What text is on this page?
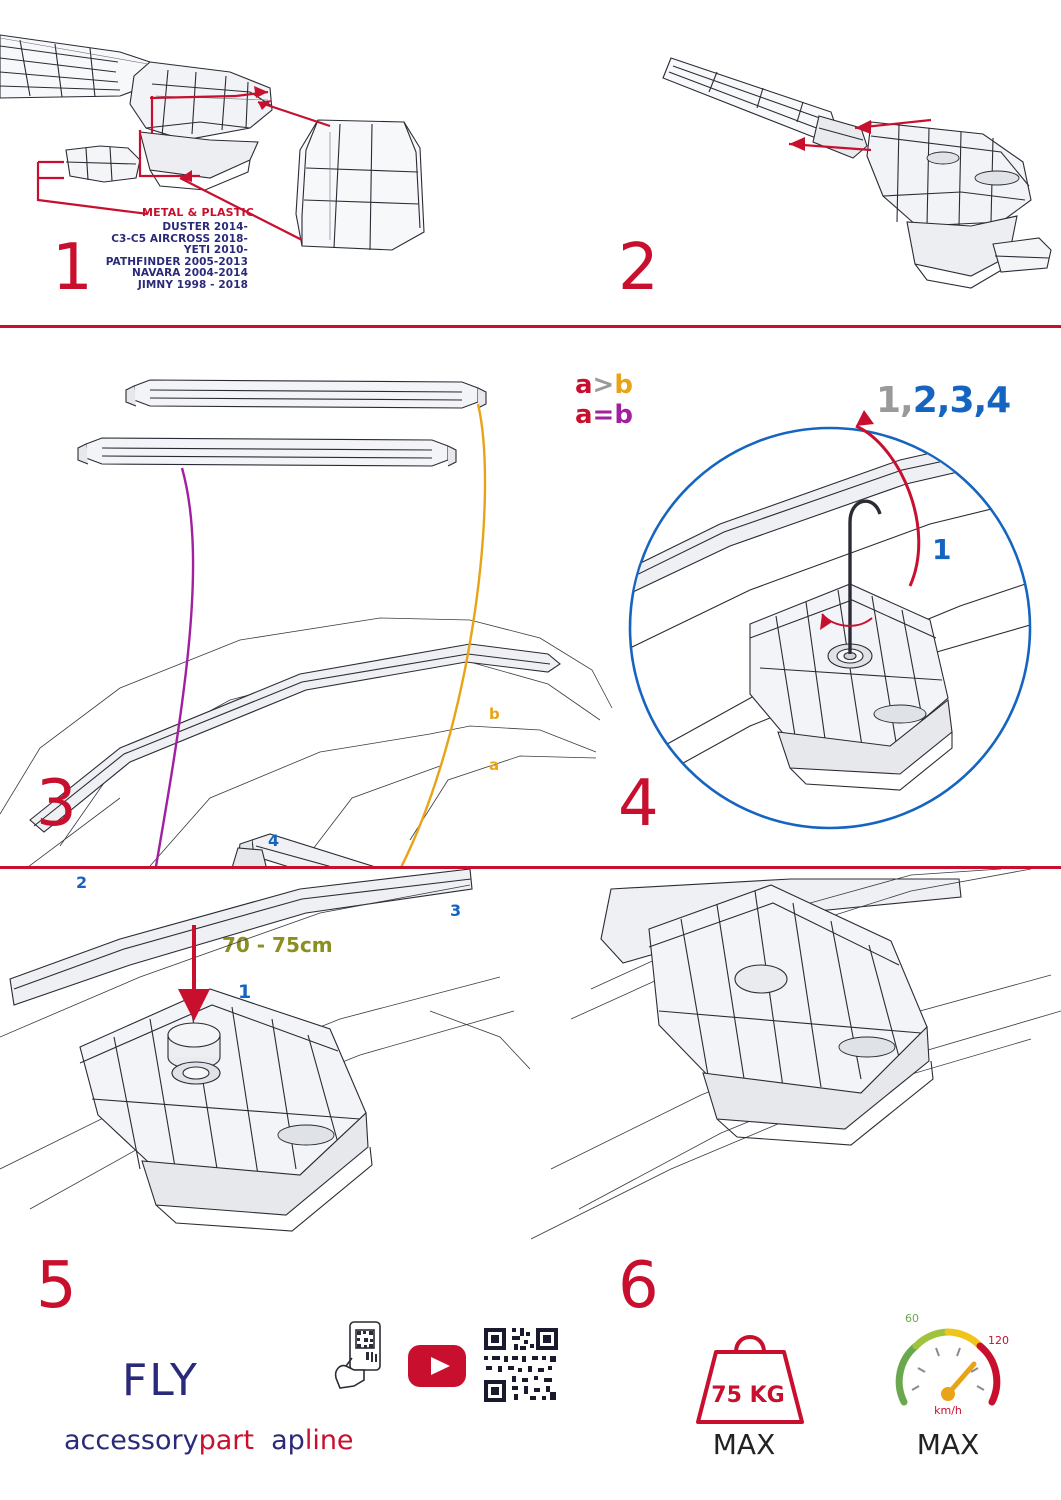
METAL & PLASTIC
DUSTER 2014-
C3-C5 AIRCROSS 2018-
YETI 2010-
PATHFINDER 2005-2013
NAVARA 2004-2014
JIMNY 1998 - 2018
1	2
b
a
2
4
3
1
70 - 75cm
a>b
a=b
3
1
1,2,3,4
4
5
FLY
accessorypart apline
6
75 KG
MAX
60
120
km/h
MAX
